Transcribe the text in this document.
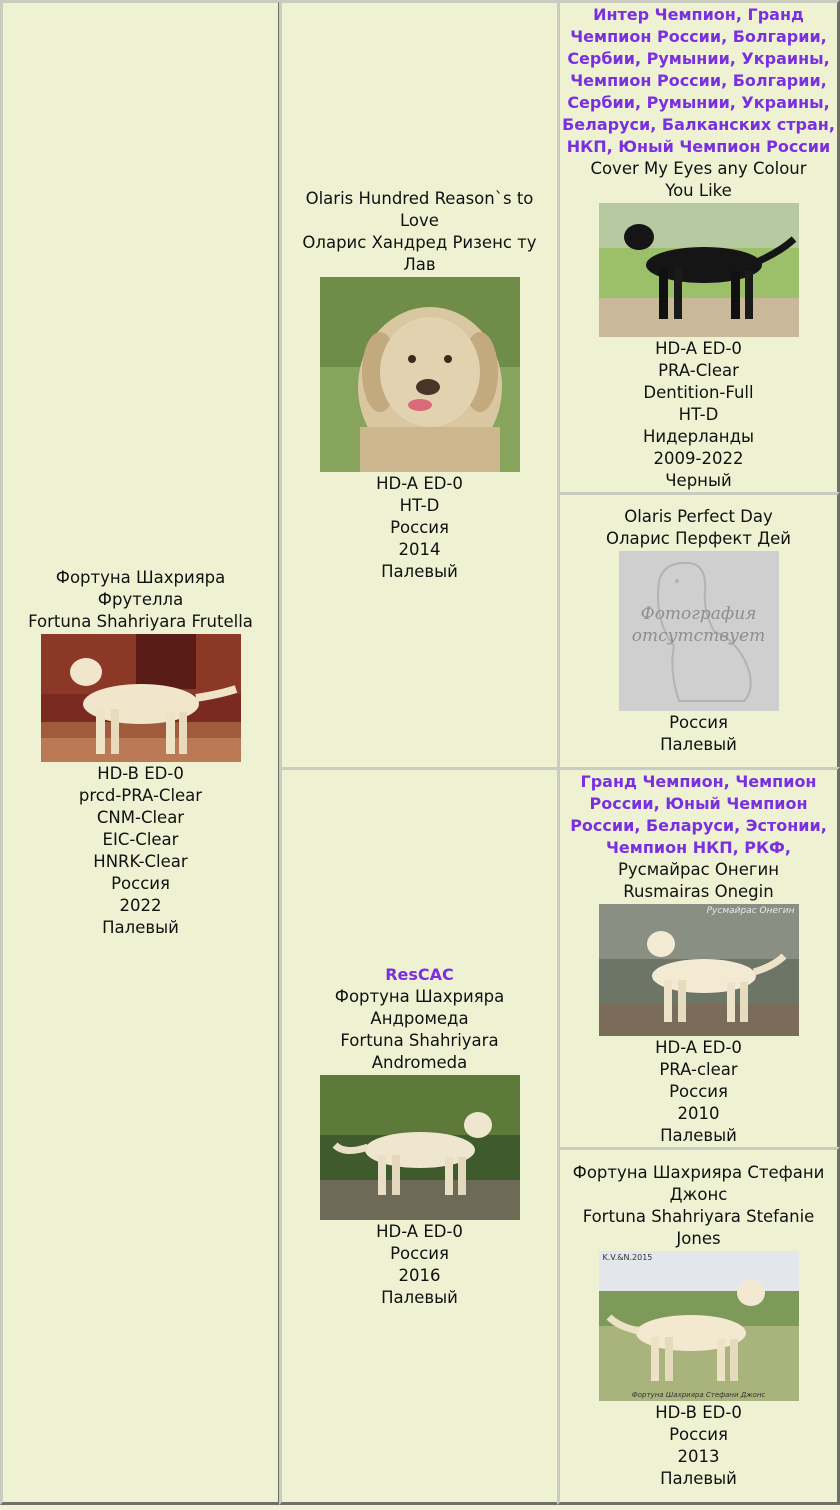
Фортуна Шахрияра
Фрутелла
Fortuna Shahriyara Frutella
HD-B ED-0
prcd-PRA-Clear
CNM-Clear
EIC-Clear
HNRK-Clear
Россия
2022
Палевый
Olaris Hundred Reason`s to
Love
Оларис Хандред Ризенс ту
Лав
HD-A ED-0
HT-D
Россия
2014
Палевый
ResCAC
Фортуна Шахрияра
Андромеда
Fortuna Shahriyara
Andromeda
HD-A ED-0
Россия
2016
Палевый
Интер Чемпион, Гранд
Чемпион России, Болгарии,
Сербии, Румынии, Украины,
Чемпион России, Болгарии,
Сербии, Румынии, Украины,
Беларуси, Балканских стран,
НКП, Юный Чемпион России
Cover My Eyes any Colour
You Like
HD-A ED-0
PRA-Clear
Dentition-Full
HT-D
Нидерланды
2009-2022
Черный
Olaris Perfect Day
Оларис Перфект Дей
Фотография
отсутствует
Россия
Палевый
Гранд Чемпион, Чемпион
России, Юный Чемпион
России, Беларуси, Эстонии,
Чемпион НКП, РКФ,
Русмайрас Онегин
Rusmairas Onegin
Русмайрас Онегин
HD-A ED-0
PRA-clear
Россия
2010
Палевый
Фортуна Шахрияра Стефани
Джонс
Fortuna Shahriyara Stefanie
Jones
K.V.&N.2015
Фортуна Шахрияра Стефани Джонс
HD-B ED-0
Россия
2013
Палевый
